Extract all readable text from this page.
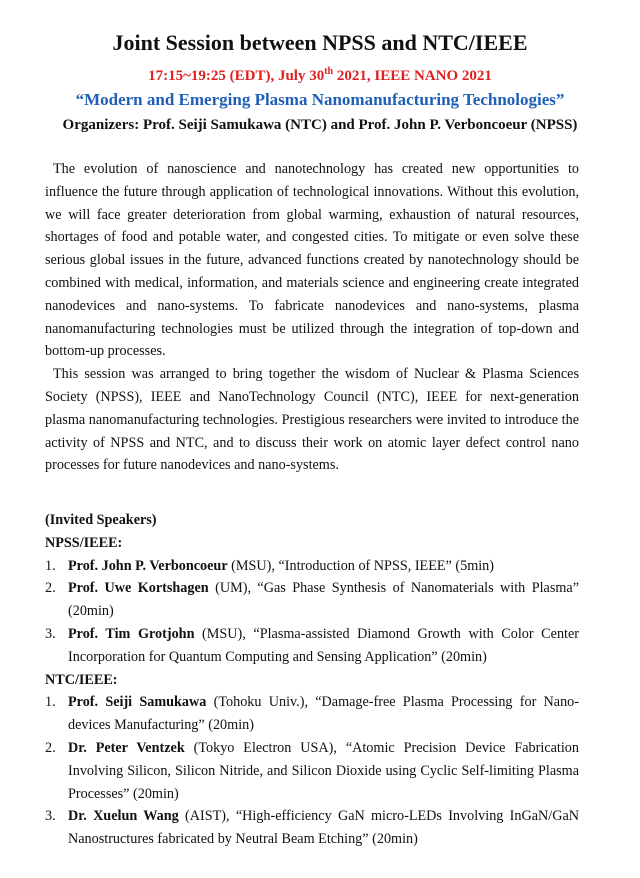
Joint Session between NPSS and NTC/IEEE
17:15~19:25 (EDT), July 30th 2021, IEEE NANO 2021
“Modern and Emerging Plasma Nanomanufacturing Technologies”
Organizers: Prof. Seiji Samukawa (NTC) and Prof. John P. Verboncoeur (NPSS)

The evolution of nanoscience and nanotechnology has created new opportunities to influence the future through application of technological innovations. Without this evolution, we will face greater deterioration from global warming, exhaustion of natural resources, shortages of food and potable water, and congested cities. To mitigate or even solve these serious global issues in the future, advanced functions created by nanotechnology should be combined with medical, information, and materials science and engineering create integrated nanodevices and nano-systems. To fabricate nanodevices and nano-systems, plasma nanomanufacturing technologies must be utilized through the integration of top-down and bottom-up processes.

This session was arranged to bring together the wisdom of Nuclear & Plasma Sciences Society (NPSS), IEEE and NanoTechnology Council (NTC), IEEE for next-generation plasma nanomanufacturing technologies. Prestigious researchers were invited to introduce the activity of NPSS and NTC, and to discuss their work on atomic layer defect control nano processes for future nanodevices and nano-systems.

(Invited Speakers)
NPSS/IEEE:
1. Prof. John P. Verboncoeur (MSU), “Introduction of NPSS, IEEE” (5min)
2. Prof. Uwe Kortshagen (UM), “Gas Phase Synthesis of Nanomaterials with Plasma” (20min)
3. Prof. Tim Grotjohn (MSU), “Plasma-assisted Diamond Growth with Color Center Incorporation for Quantum Computing and Sensing Application” (20min)
NTC/IEEE:
1. Prof. Seiji Samukawa (Tohoku Univ.), “Damage-free Plasma Processing for Nano-devices Manufacturing” (20min)
2. Dr. Peter Ventzek (Tokyo Electron USA), “Atomic Precision Device Fabrication Involving Silicon, Silicon Nitride, and Silicon Dioxide using Cyclic Self-limiting Plasma Processes” (20min)
3. Dr. Xuelun Wang (AIST), “High-efficiency GaN micro-LEDs Involving InGaN/GaN Nanostructures fabricated by Neutral Beam Etching” (20min)
